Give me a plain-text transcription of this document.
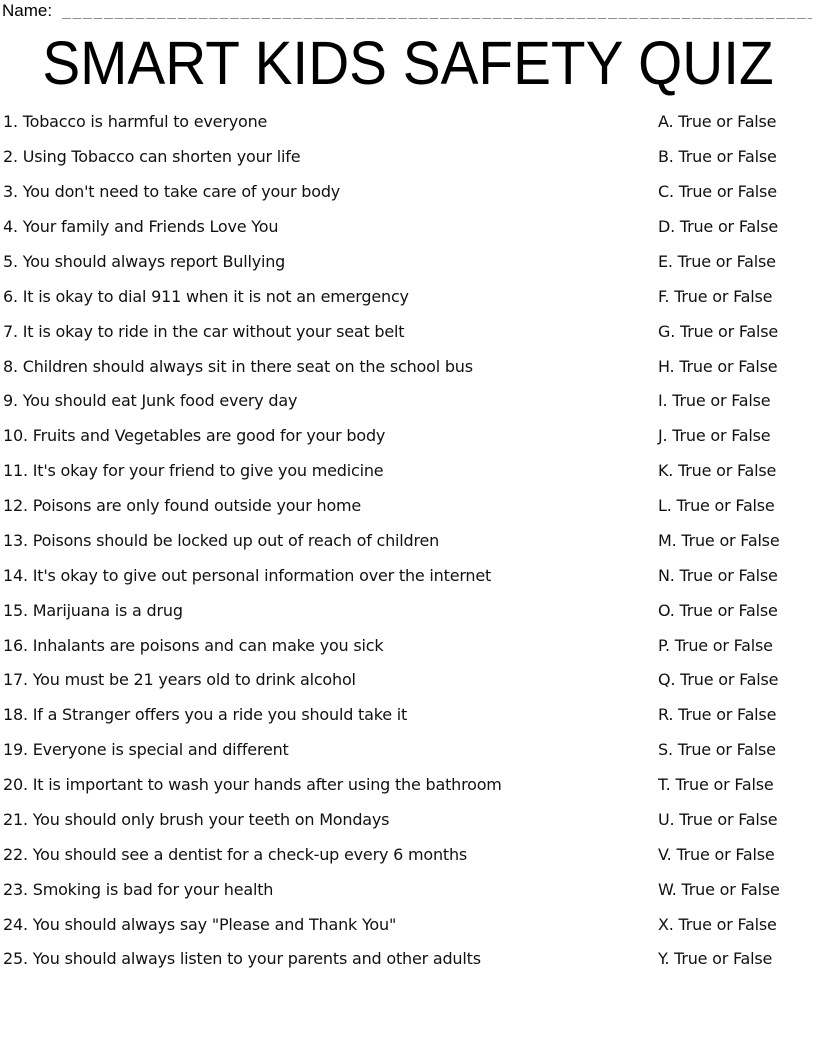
Name:
SMART KIDS SAFETY QUIZ
1. Tobacco is harmful to everyone	A. True or False
2. Using Tobacco can shorten your life	B. True or False
3. You don't need to take care of your body	C. True or False
4. Your family and Friends Love You	D. True or False
5. You should always report Bullying	E. True or False
6. It is okay to dial 911 when it is not an emergency	F. True or False
7. It is okay to ride in the car without your seat belt	G. True or False
8. Children should always sit in there seat on the school bus	H. True or False
9. You should eat Junk food every day	I. True or False
10. Fruits and Vegetables are good for your body	J. True or False
11. It's okay for your friend to give you medicine	K. True or False
12. Poisons are only found outside your home	L. True or False
13. Poisons should be locked up out of reach of children	M. True or False
14. It's okay to give out personal information over the internet	N. True or False
15. Marijuana is a drug	O. True or False
16. Inhalants are poisons and can make you sick	P. True or False
17. You must be 21 years old to drink alcohol	Q. True or False
18. If a Stranger offers you a ride you should take it	R. True or False
19. Everyone is special and different	S. True or False
20. It is important to wash your hands after using the bathroom	T. True or False
21. You should only brush your teeth on Mondays	U. True or False
22. You should see a dentist for a check-up every 6 months	V. True or False
23. Smoking is bad for your health	W. True or False
24. You should always say "Please and Thank You"	X. True or False
25. You should always listen to your parents and other adults	Y. True or False
